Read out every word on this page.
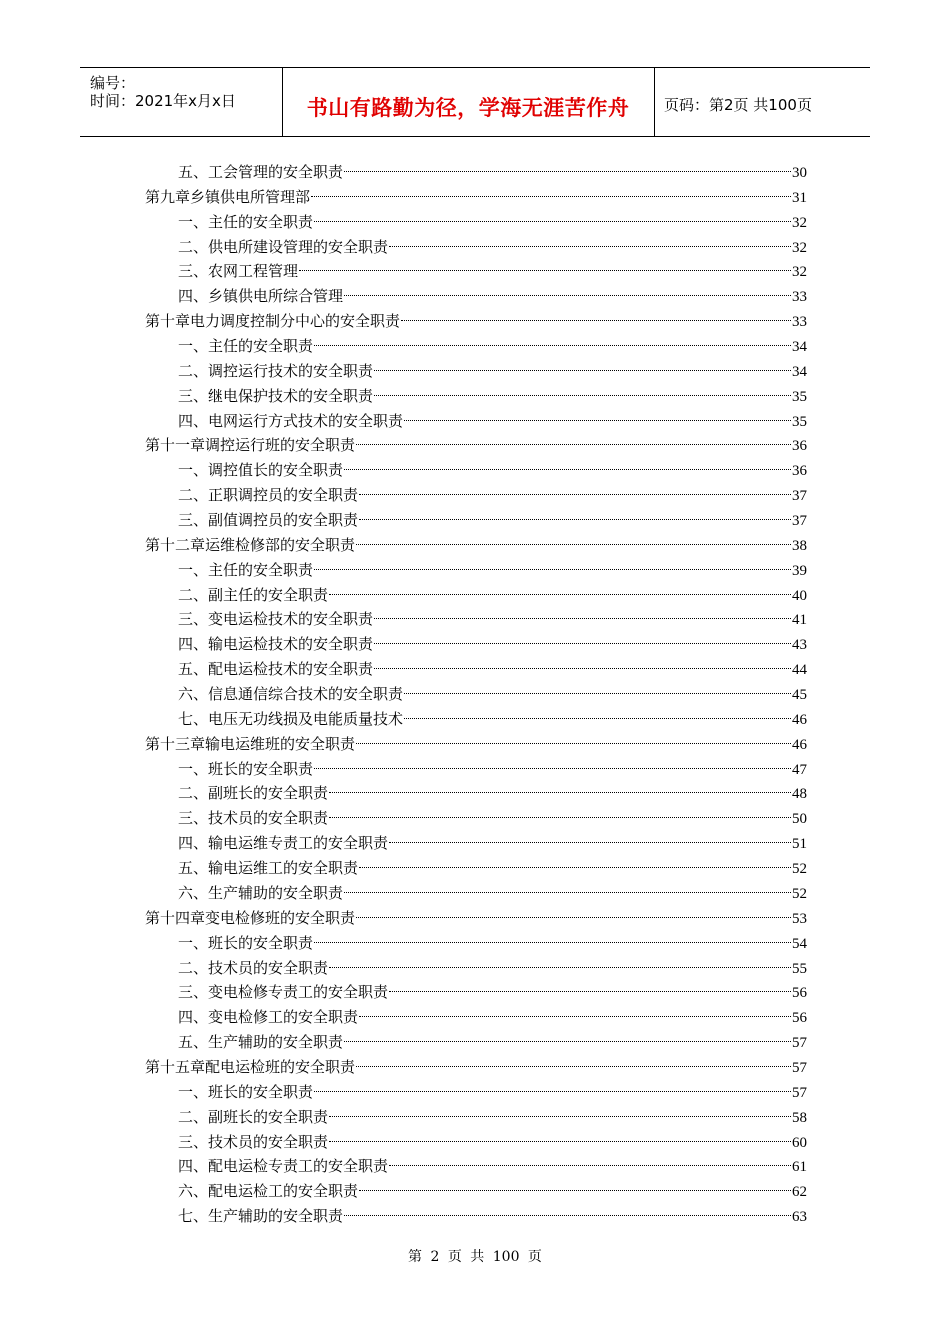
编号：
时间：2021年x月x日	书山有路勤为径，学海无涯苦作舟	页码：第2页 共100页
五、工会管理的安全职责	30
第九章乡镇供电所管理部	31
一、主任的安全职责	32
二、供电所建设管理的安全职责	32
三、农网工程管理	32
四、乡镇供电所综合管理	33
第十章电力调度控制分中心的安全职责	33
一、主任的安全职责	34
二、调控运行技术的安全职责	34
三、继电保护技术的安全职责	35
四、电网运行方式技术的安全职责	35
第十一章调控运行班的安全职责	36
一、调控值长的安全职责	36
二、正职调控员的安全职责	37
三、副值调控员的安全职责	37
第十二章运维检修部的安全职责	38
一、主任的安全职责	39
二、副主任的安全职责	40
三、变电运检技术的安全职责	41
四、输电运检技术的安全职责	43
五、配电运检技术的安全职责	44
六、信息通信综合技术的安全职责	45
七、电压无功线损及电能质量技术	46
第十三章输电运维班的安全职责	46
一、班长的安全职责	47
二、副班长的安全职责	48
三、技术员的安全职责	50
四、输电运维专责工的安全职责	51
五、输电运维工的安全职责	52
六、生产辅助的安全职责	52
第十四章变电检修班的安全职责	53
一、班长的安全职责	54
二、技术员的安全职责	55
三、变电检修专责工的安全职责	56
四、变电检修工的安全职责	56
五、生产辅助的安全职责	57
第十五章配电运检班的安全职责	57
一、班长的安全职责	57
二、副班长的安全职责	58
三、技术员的安全职责	60
四、配电运检专责工的安全职责	61
六、配电运检工的安全职责	62
七、生产辅助的安全职责	63
第 2 页 共 100 页
